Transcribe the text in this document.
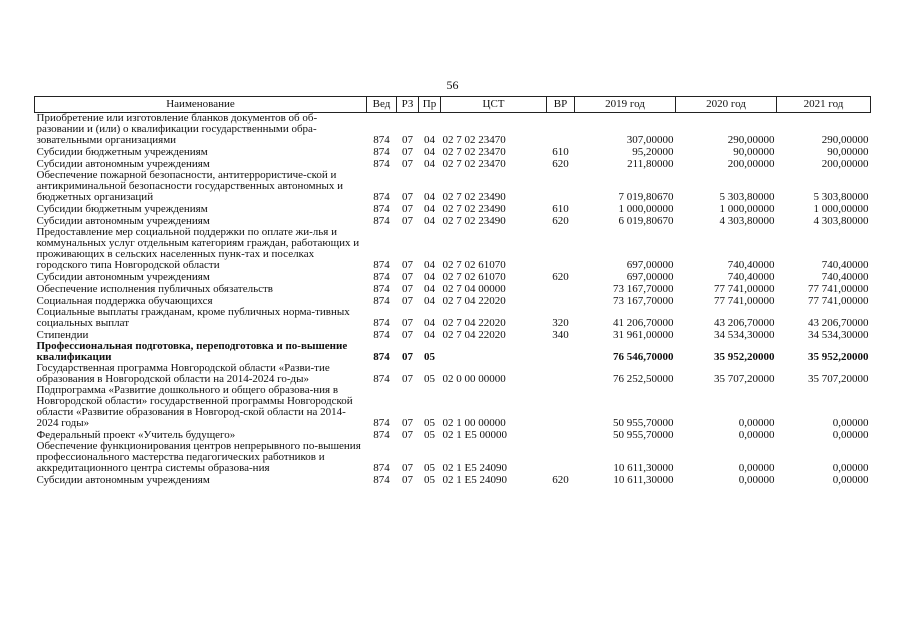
56
Наименование	Вед	РЗ	Пр	ЦСТ	ВР	2019 год	2020 год	2021 год
Приобретение или изготовление бланков документов об об-разовании и (или) о квалификации государственными обра-зовательными организациями	874	07	04	02 7 02 23470		307,00000	290,00000	290,00000
Субсидии бюджетным учреждениям	874	07	04	02 7 02 23470	610	95,20000	90,00000	90,00000
Субсидии автономным учреждениям	874	07	04	02 7 02 23470	620	211,80000	200,00000	200,00000
Обеспечение пожарной безопасности, антитеррористиче-ской и антикриминальной безопасности государственных автономных и бюджетных организаций	874	07	04	02 7 02 23490		7 019,80670	5 303,80000	5 303,80000
Субсидии бюджетным учреждениям	874	07	04	02 7 02 23490	610	1 000,00000	1 000,00000	1 000,00000
Субсидии автономным учреждениям	874	07	04	02 7 02 23490	620	6 019,80670	4 303,80000	4 303,80000
Предоставление мер социальной поддержки по оплате жи-лья и коммунальных услуг отдельным категориям граждан, работающих и проживающих в сельских населенных пунк-тах и поселках городского типа Новгородской области	874	07	04	02 7 02 61070		697,00000	740,40000	740,40000
Субсидии автономным учреждениям	874	07	04	02 7 02 61070	620	697,00000	740,40000	740,40000
Обеспечение исполнения публичных обязательств	874	07	04	02 7 04 00000		73 167,70000	77 741,00000	77 741,00000
Социальная поддержка обучающихся	874	07	04	02 7 04 22020		73 167,70000	77 741,00000	77 741,00000
Социальные выплаты гражданам, кроме публичных норма-тивных социальных выплат	874	07	04	02 7 04 22020	320	41 206,70000	43 206,70000	43 206,70000
Стипендии	874	07	04	02 7 04 22020	340	31 961,00000	34 534,30000	34 534,30000
Профессиональная подготовка, переподготовка и по-вышение квалификации	874	07	05			76 546,70000	35 952,20000	35 952,20000
Государственная программа Новгородской области «Разви-тие образования в Новгородской области на 2014-2024 го-ды»	874	07	05	02 0 00 00000		76 252,50000	35 707,20000	35 707,20000
Подпрограмма «Развитие дошкольного и общего образова-ния в Новгородской области» государственной программы Новгородской области «Развитие образования в Новгород-ской области на 2014-2024 годы»	874	07	05	02 1 00 00000		50 955,70000	0,00000	0,00000
Федеральный проект «Учитель будущего»	874	07	05	02 1 E5 00000		50 955,70000	0,00000	0,00000
Обеспечение функционирования центров непрерывного по-вышения профессионального мастерства педагогических работников и аккредитационного центра системы образова-ния	874	07	05	02 1 E5 24090		10 611,30000	0,00000	0,00000
Субсидии автономным учреждениям	874	07	05	02 1 E5 24090	620	10 611,30000	0,00000	0,00000
